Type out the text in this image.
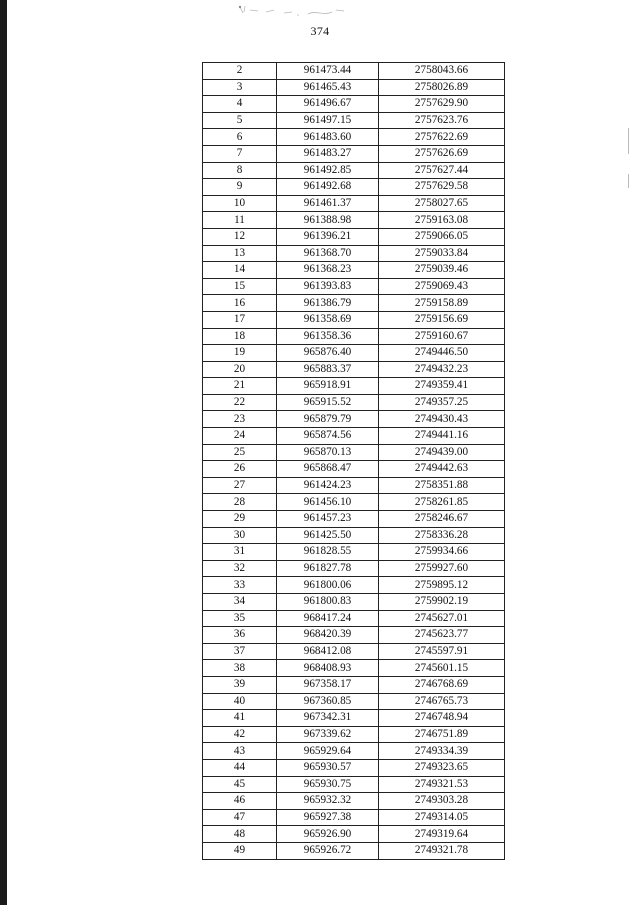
374
2	961473.44	2758043.66
3	961465.43	2758026.89
4	961496.67	2757629.90
5	961497.15	2757623.76
6	961483.60	2757622.69
7	961483.27	2757626.69
8	961492.85	2757627.44
9	961492.68	2757629.58
10	961461.37	2758027.65
11	961388.98	2759163.08
12	961396.21	2759066.05
13	961368.70	2759033.84
14	961368.23	2759039.46
15	961393.83	2759069.43
16	961386.79	2759158.89
17	961358.69	2759156.69
18	961358.36	2759160.67
19	965876.40	2749446.50
20	965883.37	2749432.23
21	965918.91	2749359.41
22	965915.52	2749357.25
23	965879.79	2749430.43
24	965874.56	2749441.16
25	965870.13	2749439.00
26	965868.47	2749442.63
27	961424.23	2758351.88
28	961456.10	2758261.85
29	961457.23	2758246.67
30	961425.50	2758336.28
31	961828.55	2759934.66
32	961827.78	2759927.60
33	961800.06	2759895.12
34	961800.83	2759902.19
35	968417.24	2745627.01
36	968420.39	2745623.77
37	968412.08	2745597.91
38	968408.93	2745601.15
39	967358.17	2746768.69
40	967360.85	2746765.73
41	967342.31	2746748.94
42	967339.62	2746751.89
43	965929.64	2749334.39
44	965930.57	2749323.65
45	965930.75	2749321.53
46	965932.32	2749303.28
47	965927.38	2749314.05
48	965926.90	2749319.64
49	965926.72	2749321.78
